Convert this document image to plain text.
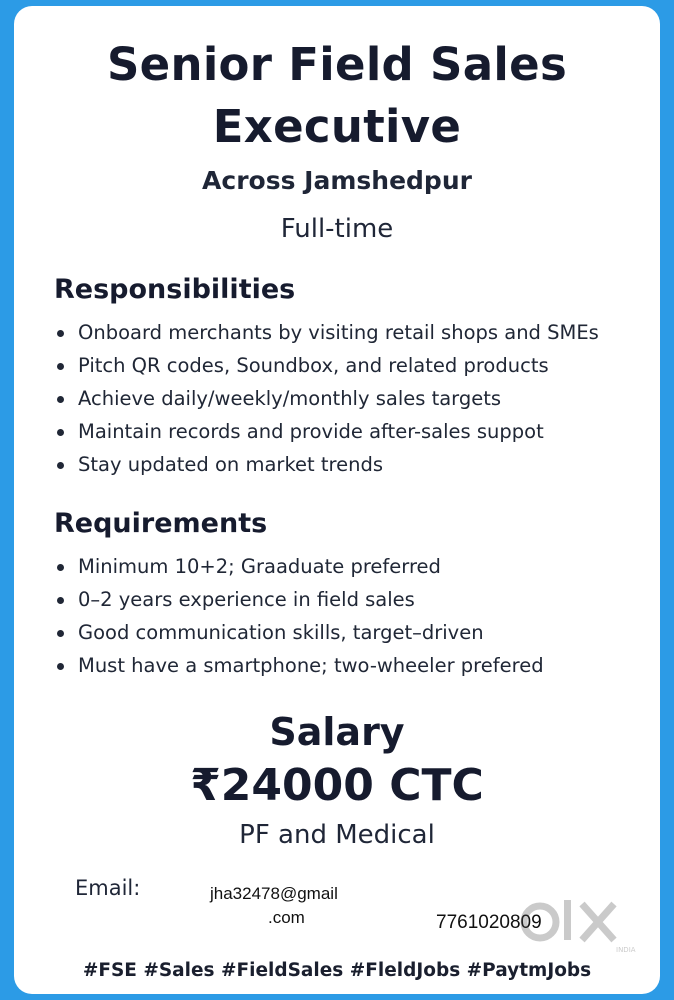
Senior Field Sales
Executive
Across Jamshedpur
Full-time
Responsibilities
Onboard merchants by visiting retail shops and SMEs
Pitch QR codes, Soundbox, and related products
Achieve daily/weekly/monthly sales targets
Maintain records and provide after-sales suppot
Stay updated on market trends
Requirements
Minimum 10+2; Graaduate preferred
0–2 years experience in field sales
Good communication skills, target–driven
Must have a smartphone; two-wheeler prefered
Salary
₹24000 CTC
PF and Medical
Email:	jha32478@gmail
.com	7761020809
INDIA
#FSE #Sales #FieldSales #FleldJobs #PaytmJobs
